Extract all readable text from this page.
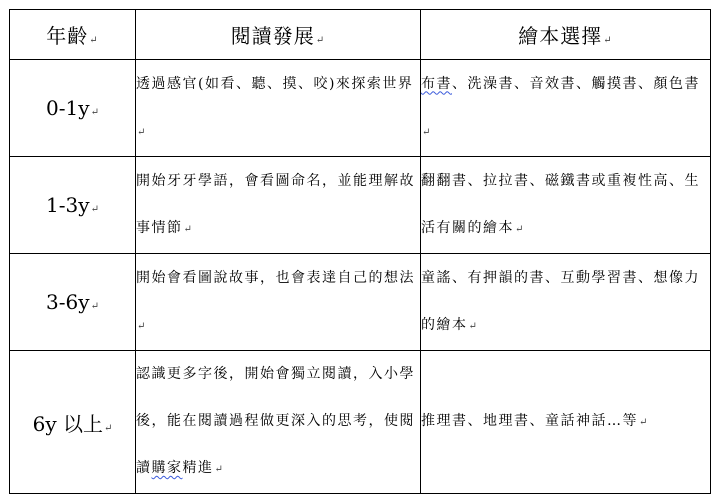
年齡↵	閱讀發展↵	繪本選擇↵
0-1y↵	透過感官(如看、聽、摸、咬)來探索世界↵	布書、洗澡書、音效書、觸摸書、顏色書↵
1-3y↵	開始牙牙學語，會看圖命名，並能理解故事情節↵	翻翻書、拉拉書、磁鐵書或重複性高、生活有關的繪本↵
3-6y↵	開始會看圖說故事，也會表達自己的想法↵	童謠、有押韻的書、互動學習書、想像力的繪本↵
6y 以上↵	認識更多字後，開始會獨立閱讀，入小學後，能在閱讀過程做更深入的思考，使閱讀購家精進↵	推理書、地理書、童話神話…等↵
